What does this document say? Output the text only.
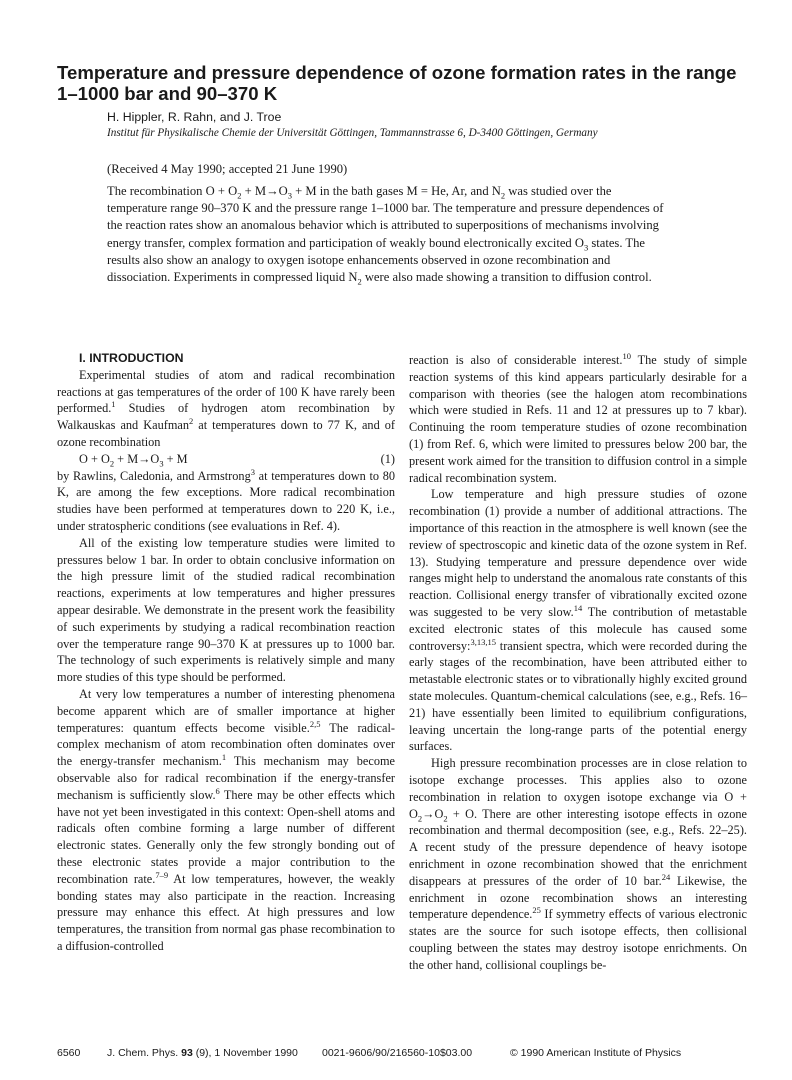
Temperature and pressure dependence of ozone formation rates in the range 1–1000 bar and 90–370 K
H. Hippler, R. Rahn, and J. Troe
Institut für Physikalische Chemie der Universität Göttingen, Tammannstrasse 6, D-3400 Göttingen, Germany
(Received 4 May 1990; accepted 21 June 1990)

The recombination $O + O_2 + M\to O_3 + M$ in the bath gases M = He, Ar, and $N_2$ was studied over the temperature range 90–370 K and the pressure range 1–1000 bar. The temperature and pressure dependences of the reaction rates show an anomalous behavior which is attributed to superpositions of mechanisms involving energy transfer, complex formation and participation of weakly bound electronically excited $O_3$ states. The results also show an analogy to oxygen isotope enhancements observed in ozone recombination and dissociation. Experiments in compressed liquid $N_2$ were also made showing a transition to diffusion control.

I. INTRODUCTION

Experimental studies of atom and radical recombination reactions at gas temperatures of the order of 100 K have rarely been performed.$^1$ Studies of hydrogen atom recombination by Walkauskas and Kaufman$^2$ at temperatures down to 77 K, and of ozone recombination

$O + O_2 + M\to O_3 + M$	(1)

by Rawlins, Caledonia, and Armstrong$^3$ at temperatures down to 80 K, are among the few exceptions. More radical recombination studies have been performed at temperatures down to 220 K, i.e., under stratospheric conditions (see evaluations in Ref. 4).

All of the existing low temperature studies were limited to pressures below 1 bar. In order to obtain conclusive information on the high pressure limit of the studied radical recombination reactions, experiments at low temperatures and higher pressures appear desirable. We demonstrate in the present work the feasibility of such experiments by studying a radical recombination reaction over the temperature range 90–370 K at pressures up to 1000 bar. The technology of such experiments is relatively simple and many more studies of this type should be performed.

At very low temperatures a number of interesting phenomena become apparent which are of smaller importance at higher temperatures: quantum effects become visible.$^{2,5}$ The radical-complex mechanism of atom recombination often dominates over the energy-transfer mechanism.$^1$ This mechanism may become observable also for radical recombination if the energy-transfer mechanism is sufficiently slow.$^6$ There may be other effects which have not yet been investigated in this context: Open-shell atoms and radicals often combine forming a large number of different electronic states. Generally only the few strongly bonding out of these electronic states provide a major contribution to the recombination rate.$^{7-9}$ At low temperatures, however, the weakly bonding states may also participate in the reaction. Increasing pressure may enhance this effect. At high pressures and low temperatures, the transition from normal gas phase recombination to a diffusion-controlled

reaction is also of considerable interest.$^{10}$ The study of simple reaction systems of this kind appears particularly desirable for a comparison with theories (see the halogen atom recombinations which were studied in Refs. 11 and 12 at pressures up to 7 kbar). Continuing the room temperature studies of ozone recombination (1) from Ref. 6, which were limited to pressures below 200 bar, the present work aimed for the transition to diffusion control in a simple radical recombination system.

Low temperature and high pressure studies of ozone recombination (1) provide a number of additional attractions. The importance of this reaction in the atmosphere is well known (see the review of spectroscopic and kinetic data of the ozone system in Ref. 13). Studying temperature and pressure dependence over wide ranges might help to understand the anomalous rate constants of this reaction. Collisional energy transfer of vibrationally excited ozone was suggested to be very slow.$^{14}$ The contribution of metastable excited electronic states of this molecule has caused some controversy:$^{3,13,15}$ transient spectra, which were recorded during the early stages of the recombination, have been attributed either to metastable electronic states or to vibrationally highly excited ground state molecules. Quantum-chemical calculations (see, e.g., Refs. 16–21) have essentially been limited to equilibrium configurations, leaving uncertain the long-range parts of the potential energy surfaces.

High pressure recombination processes are in close relation to isotope exchange processes. This applies also to ozone recombination in relation to oxygen isotope exchange via $O + O_2\to O_2 + O$. There are other interesting isotope effects in ozone recombination and thermal decomposition (see, e.g., Refs. 22–25). A recent study of the pressure dependence of heavy isotope enrichment in ozone recombination showed that the enrichment disappears at pressures of the order of 10 bar.$^{24}$ Likewise, the enrichment in ozone recombination shows an interesting temperature dependence.$^{25}$ If symmetry effects of various electronic states are the source for such isotope effects, then collisional coupling between the states may destroy isotope enrichments. On the other hand, collisional couplings be-

6560	J. Chem. Phys. 93 (9), 1 November 1990 0021-9606/90/216560-10$03.00	© 1990 American Institute of Physics
